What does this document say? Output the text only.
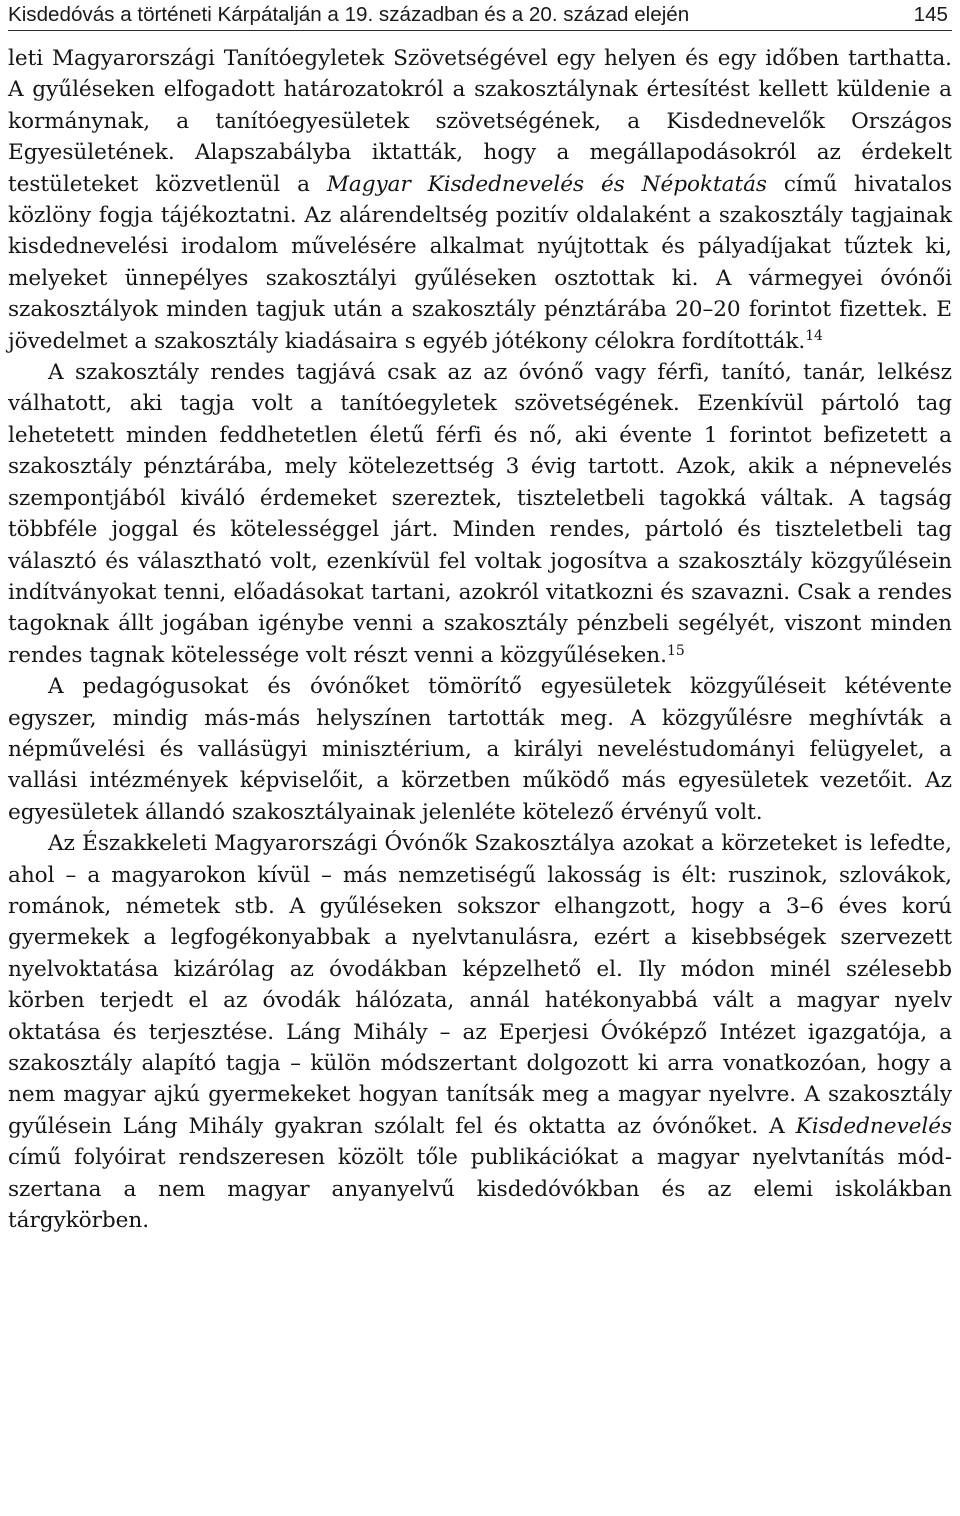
Kisdedóvás a történeti Kárpátalján a 19. században és a 20. század elején	145

leti Magyarországi Tanítóegyletek Szövetségével egy helyen és egy időben tarthatta. A gyűléseken elfogadott határozatokról a szakosztálynak értesítést kellett küldenie a kormánynak, a tanítóegyesületek szövetségének, a Kisdednevelők Országos Egyesületének. Alapszabályba iktatták, hogy a megállapodásokról az érdekelt testületeket közvetlenül a Magyar Kisdednevelés és Népoktatás című hivatalos közlöny fogja tájékoztatni. Az alárendeltség pozitív oldalaként a szakosztály tagjainak kisdednevelési irodalom művelésére alkalmat nyújtottak és pályadíjakat tűztek ki, melyeket ünnepélyes szakosztályi gyűléseken osztottak ki. A vármegyei óvónői szakosztályok minden tagjuk után a szakosztály pénztárába 20–20 forintot fizettek. E jövedelmet a szakosztály kiadásaira s egyéb jótékony célokra fordították.$^{14}$

A szakosztály rendes tagjává csak az az óvónő vagy férfi, tanító, tanár, lelkész válhatott, aki tagja volt a tanítóegyletek szövetségének. Ezenkívül pártoló tag lehetetett minden feddhetetlen életű férfi és nő, aki évente 1 forintot befizetett a szakosztály pénztárába, mely kötelezettség 3 évig tartott. Azok, akik a népnevelés szempontjából kiváló érdemeket szereztek, tiszteletbeli tagokká váltak. A tagság többféle joggal és kötelességgel járt. Minden rendes, pártoló és tiszteletbeli tag választó és választható volt, ezenkívül fel voltak jogosítva a szakosztály közgyűlésein indítványokat tenni, előadásokat tartani, azokról vitatkozni és szavazni. Csak a rendes tagoknak állt jogában igénybe venni a szakosztály pénzbeli segélyét, viszont minden rendes tagnak kötelessége volt részt venni a közgyűléseken.$^{15}$

A pedagógusokat és óvónőket tömörítő egyesületek közgyűléseit kétévente egyszer, mindig más-más helyszínen tartották meg. A közgyűlésre meghívták a népművelési és vallásügyi minisztérium, a királyi neveléstudományi felügyelet, a vallási intézmények képviselőit, a körzetben működő más egyesületek vezetőit. Az egyesületek állandó szakosztályainak jelenléte kötelező érvényű volt.

Az Északkeleti Magyarországi Óvónők Szakosztálya azokat a körzeteket is lefedte, ahol – a magyarokon kívül – más nemzetiségű lakosság is élt: ruszinok, szlovákok, románok, németek stb. A gyűléseken sokszor elhangzott, hogy a 3–6 éves korú gyermekek a legfogékonyabbak a nyelvtanulásra, ezért a kisebbségek szervezett nyelvoktatása kizárólag az óvodákban képzelhető el. Ily módon minél szélesebb körben terjedt el az óvodák hálózata, annál hatékonyabbá vált a magyar nyelv oktatása és terjesztése. Láng Mihály – az Eperjesi Óvóképző Intézet igazgatója, a szakosztály alapító tagja – külön módszertant dolgozott ki arra vonatkozóan, hogy a nem magyar ajkú gyermekeket hogyan tanítsák meg a magyar nyelvre. A szakosztály gyűlésein Láng Mihály gyakran szólalt fel és oktatta az óvónőket. A Kisdednevelés című folyóirat rendszeresen közölt tőle publikációkat a magyar nyelvtanítás módszertana a nem magyar anyanyelvű kisdedóvókban és az elemi iskolákban tárgykörben.
